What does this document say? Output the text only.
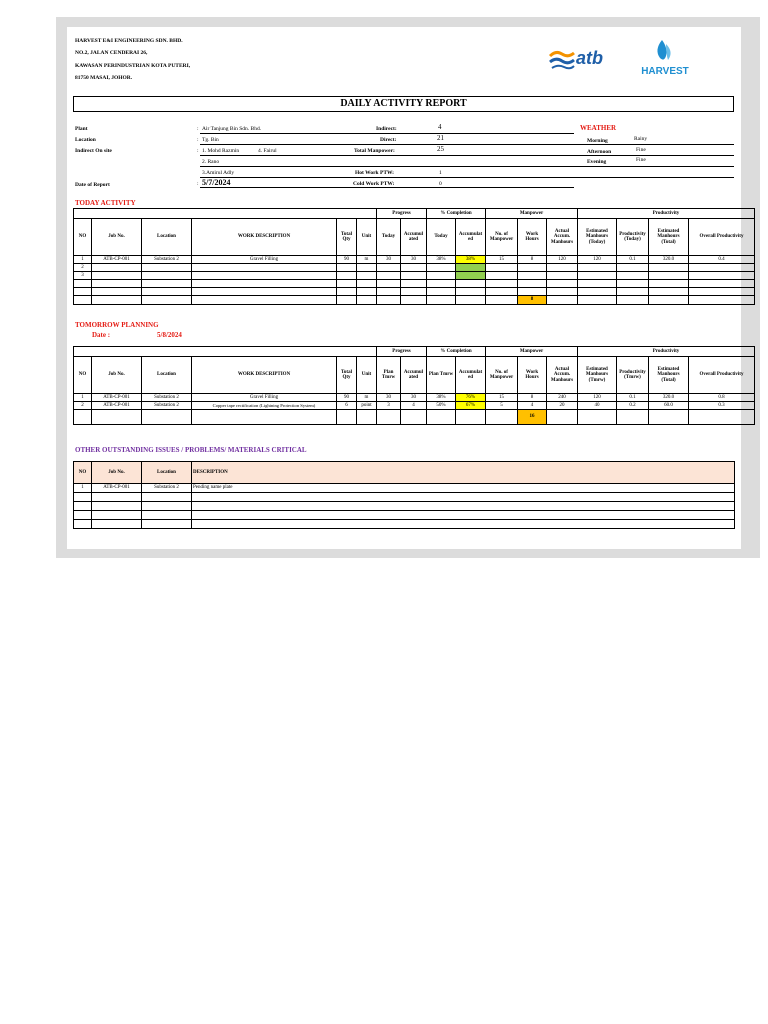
HARVEST E&I ENGINEERING SDN. BHD.
NO.2, JALAN CENDERAI 26,
KAWASAN PERINDUSTRIAN KOTA PUTERI,
81750 MASAI, JOHOR.
atb
HARVEST
DAILY ACTIVITY REPORT
Plant	: Air Tanjung Bin Sdn. Bhd.
Location	: Tg. Bin
Indirect On site	: 1. Mohd Razmin	4. Fairul
2. Rano
3.Amirul Adly
Date of Report	: 5/7/2024
Indirect:	4
Direct:	21
Total Manpower:	25
Hot Work PTW:	1
Cold Work PTW:	0
WEATHER
Morning	Rainy
Afternoon	Fine
Evening	Fine
TODAY ACTIVITY
						Progress		% Completion		Manpower			Productivity			
NO	Job No.	Location	WORK DESCRIPTION	Total Qty	Unit	Today	Accumul ated	Today	Accumulat ed	No. of Manpower	Work Hours	Actual Accum. Manhours	Estimated Manhours (Today)	Productivity (Today)	Estimated Manhours (Total)	Overall Productivity
1	ATB-CP-001	Substation 2	Gravel Filling	90	m	30	30	38%	38%	15	8	120	120	0.1	320.0	0.4
2																
3																

											8					
TOMORROW PLANNING
Date :	5/8/2024
						Progress		% Completion		Manpower			Productivity			
NO	Job No.	Location	WORK DESCRIPTION	Total Qty	Unit	Plan Tmrw	Accumul ated	Plan Tmrw	Accumulat ed	No. of Manpower	Work Hours	Actual Accum. Manhours	Estimated Manhours (Tmrw)	Productivity (Tmrw)	Estimated Manhours (Total)	Overall Productivity
1	ATB-CP-001	Substation 2	Gravel Filling	90	m	30	30	38%	76%	15	8	240	120	0.1	320.0	0.8
2	ATB-CP-001	Substation 2	Copper tape rectification (Lightning Protection System)	6	point	3	4	50%	67%	5	4	20	40	0.2	60.0	0.3
											16					
OTHER OUTSTANDING ISSUES / PROBLEMS/ MATERIALS CRITICAL
NO	Job No.	Location	DESCRIPTION
1	ATB-CP-001	Substation 2	Pending name plate
